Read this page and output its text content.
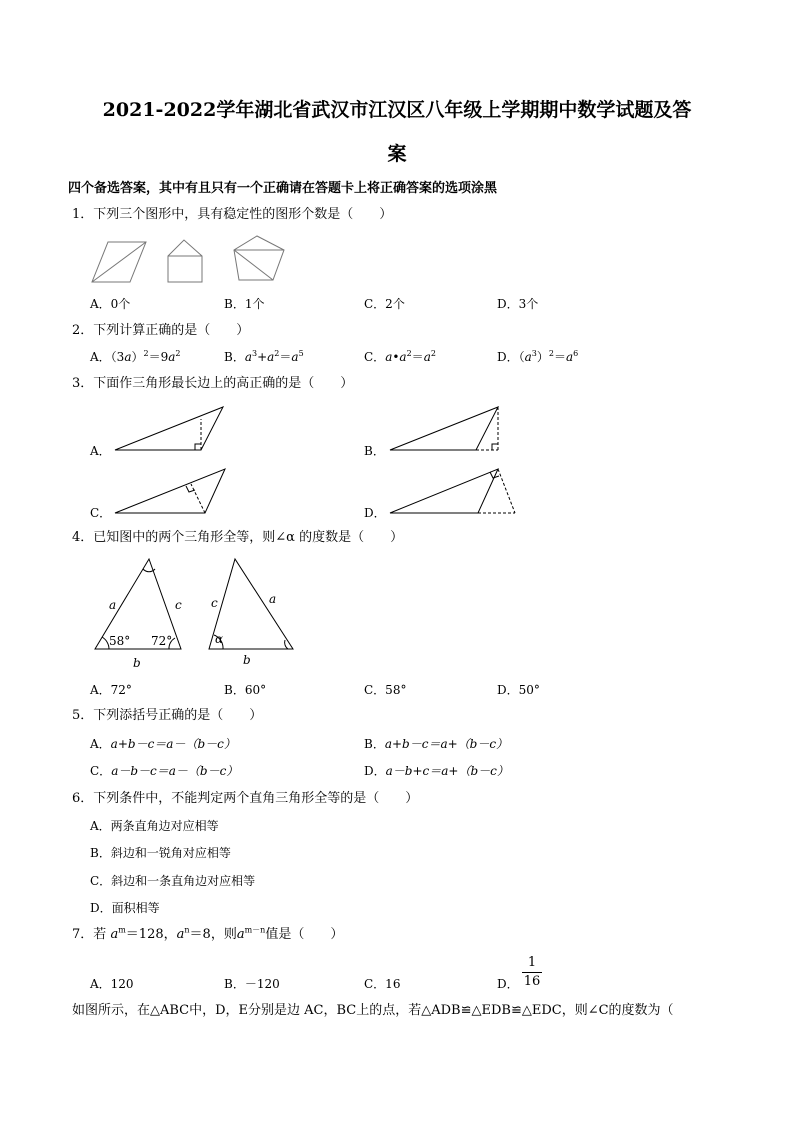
2021-2022学年湖北省武汉市江汉区八年级上学期期中数学试题及答
案
四个备选答案，其中有且只有一个正确请在答题卡上将正确答案的选项涂黑
1．下列三个图形中，具有稳定性的图形个数是（　　）
A．0个	B．1个	C．2个	D．3个
2．下列计算正确的是（　　）
A．$(3a)^2=9a^2$	B．$a^3+a^2=a^5$	C．$a•a^2=a^2$	D．$(a^3)^2=a^6$
3．下面作三角形最长边上的高正确的是（　　）
A．	B．
C．	D．
4．已知图中的两个三角形全等，则∠α 的度数是（　　）
a	c
58° 72°
b
c	a
α
b
A．72°	B．60°	C．58°	D．50°
5．下列添括号正确的是（　　）
A．a+b－c＝a－（b－c）	B．a+b－c＝a+（b－c）
C．a－b－c＝a－（b－c）	D．a－b+c＝a+（b－c）
6．下列条件中，不能判定两个直角三角形全等的是（　　）
A．两条直角边对应相等
B．斜边和一锐角对应相等
C．斜边和一条直角边对应相等
D．面积相等
7．若 $a^m=128$，$a^n=8$，则$a^{m-n}$值是（　　）
A．120	B．－120	C．16	D．
1
16
如图所示，在△ABC中，D，E分别是边 AC，BC上的点，若△ADB≌△EDB≌△EDC，则∠C的度数为（
